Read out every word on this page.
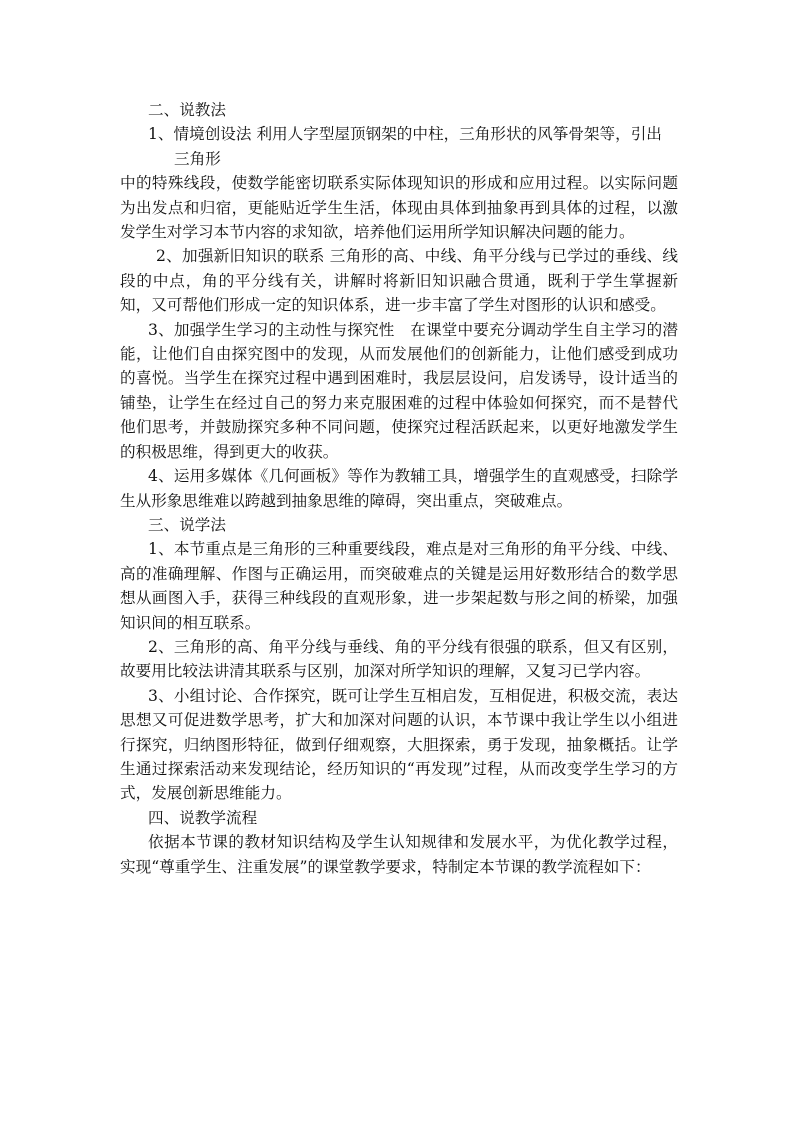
二、说教法

1、情境创设法 利用人字型屋顶钢架的中柱，三角形状的风筝骨架等，引出

三角形

中的特殊线段，使数学能密切联系实际体现知识的形成和应用过程。以实际问题为出发点和归宿，更能贴近学生生活，体现由具体到抽象再到具体的过程，以激发学生对学习本节内容的求知欲，培养他们运用所学知识解决问题的能力。

2、加强新旧知识的联系 三角形的高、中线、角平分线与已学过的垂线、线段的中点，角的平分线有关，讲解时将新旧知识融合贯通，既利于学生掌握新知，又可帮他们形成一定的知识体系，进一步丰富了学生对图形的认识和感受。

3、加强学生学习的主动性与探究性　在课堂中要充分调动学生自主学习的潜能，让他们自由探究图中的发现，从而发展他们的创新能力，让他们感受到成功的喜悦。当学生在探究过程中遇到困难时，我层层设问，启发诱导，设计适当的铺垫，让学生在经过自己的努力来克服困难的过程中体验如何探究，而不是替代他们思考，并鼓励探究多种不同问题，使探究过程活跃起来，以更好地激发学生的积极思维，得到更大的收获。

4、运用多媒体《几何画板》等作为教辅工具，增强学生的直观感受，扫除学生从形象思维难以跨越到抽象思维的障碍，突出重点，突破难点。

三、说学法

1、本节重点是三角形的三种重要线段，难点是对三角形的角平分线、中线、高的准确理解、作图与正确运用，而突破难点的关键是运用好数形结合的数学思想从画图入手，获得三种线段的直观形象，进一步架起数与形之间的桥梁，加强知识间的相互联系。

2、三角形的高、角平分线与垂线、角的平分线有很强的联系，但又有区别，故要用比较法讲清其联系与区别，加深对所学知识的理解，又复习已学内容。

3、小组讨论、合作探究，既可让学生互相启发，互相促进，积极交流，表达思想又可促进数学思考，扩大和加深对问题的认识，本节课中我让学生以小组进行探究，归纳图形特征，做到仔细观察，大胆探索，勇于发现，抽象概括。让学生通过探索活动来发现结论，经历知识的“再发现”过程，从而改变学生学习的方式，发展创新思维能力。

四、说教学流程

依据本节课的教材知识结构及学生认知规律和发展水平，为优化教学过程，实现“尊重学生、注重发展”的课堂教学要求，特制定本节课的教学流程如下：
